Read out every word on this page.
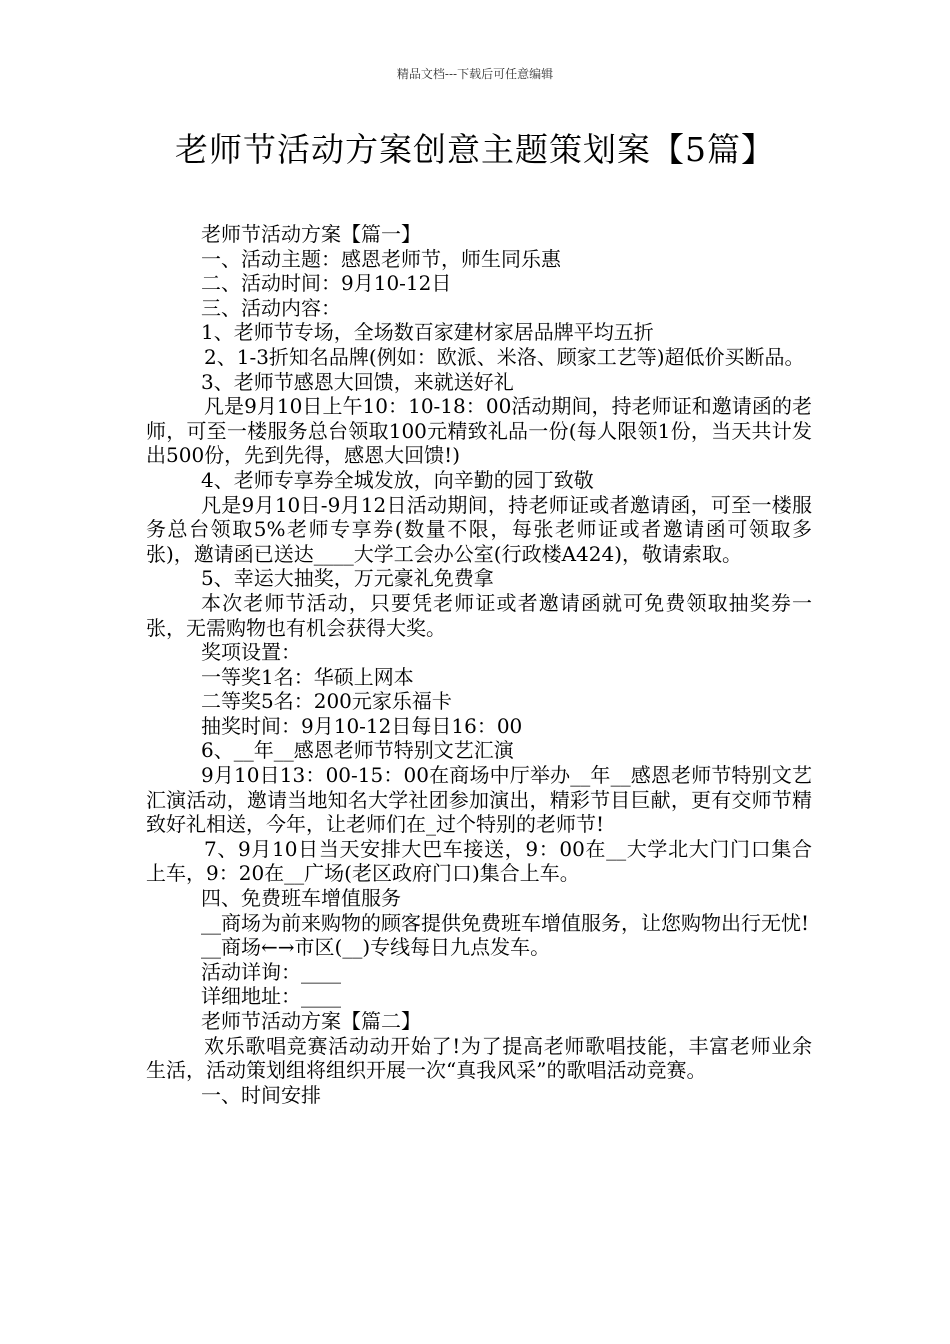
精品文档---下载后可任意编辑
老师节活动方案创意主题策划案【5篇】

老师节活动方案【篇一】

一、活动主题：感恩老师节，师生同乐惠

二、活动时间：9月10-12日

三、活动内容：

1、老师节专场，全场数百家建材家居品牌平均五折

2、1-3折知名品牌(例如：欧派、米洛、顾家工艺等)超低价买断品。

3、老师节感恩大回馈，来就送好礼

凡是9月10日上午10：10-18：00活动期间，持老师证和邀请函的老师，可至一楼服务总台领取100元精致礼品一份(每人限领1份，当天共计发出500份，先到先得，感恩大回馈!)

4、老师专享券全城发放，向辛勤的园丁致敬

凡是9月10日-9月12日活动期间，持老师证或者邀请函，可至一楼服务总台领取5%老师专享券(数量不限，每张老师证或者邀请函可领取多张)，邀请函已送达____大学工会办公室(行政楼A424)，敬请索取。

5、幸运大抽奖，万元豪礼免费拿

本次老师节活动，只要凭老师证或者邀请函就可免费领取抽奖券一张，无需购物也有机会获得大奖。

奖项设置：

一等奖1名：华硕上网本

二等奖5名：200元家乐福卡

抽奖时间：9月10-12日每日16：00

6、__年__感恩老师节特别文艺汇演

9月10日13：00-15：00在商场中厅举办__年__感恩老师节特别文艺汇演活动，邀请当地知名大学社团参加演出，精彩节目巨献，更有交师节精致好礼相送，今年，让老师们在_过个特别的老师节!

7、9月10日当天安排大巴车接送，9：00在__大学北大门门口集合上车，9：20在__广场(老区政府门口)集合上车。

四、免费班车增值服务

__商场为前来购物的顾客提供免费班车增值服务，让您购物出行无忧!

__商场←→市区(__)专线每日九点发车。

活动详询：____

详细地址：____

老师节活动方案【篇二】

欢乐歌唱竞赛活动动开始了!为了提高老师歌唱技能，丰富老师业余生活，活动策划组将组织开展一次“真我风采”的歌唱活动竞赛。

一、时间安排
